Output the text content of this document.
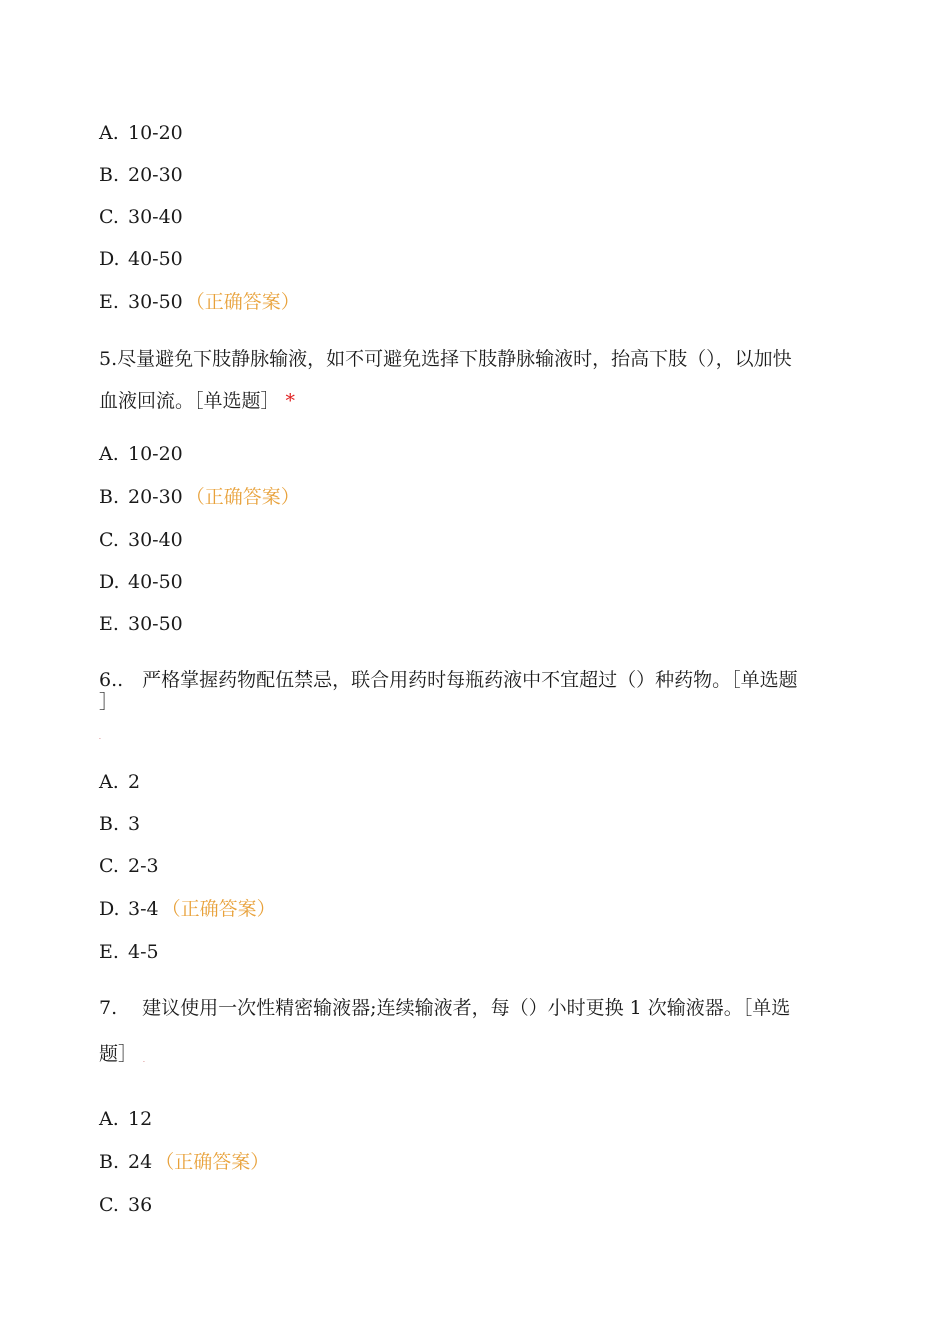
A. 10-20
B. 20-30
C. 30-40
D. 40-50
E. 30-50 （正确答案）
5.尽量避免下肢静脉输液，如不可避免选择下肢静脉输液时，抬高下肢（），以加快
血液回流。［单选题］ *
A. 10-20
B. 20-30 （正确答案）
C. 30-40
D. 40-50
E. 30-50
6..　严格掌握药物配伍禁忌，联合用药时每瓶药液中不宜超过（）种药物。［单选题
］
.
A. 2
B. 3
C. 2-3
D. 3-4 （正确答案）
E. 4-5
7.　 建议使用一次性精密输液器;连续输液者，每（）小时更换 1 次输液器。［单选
题］ .
A. 12
B. 24 （正确答案）
C. 36
